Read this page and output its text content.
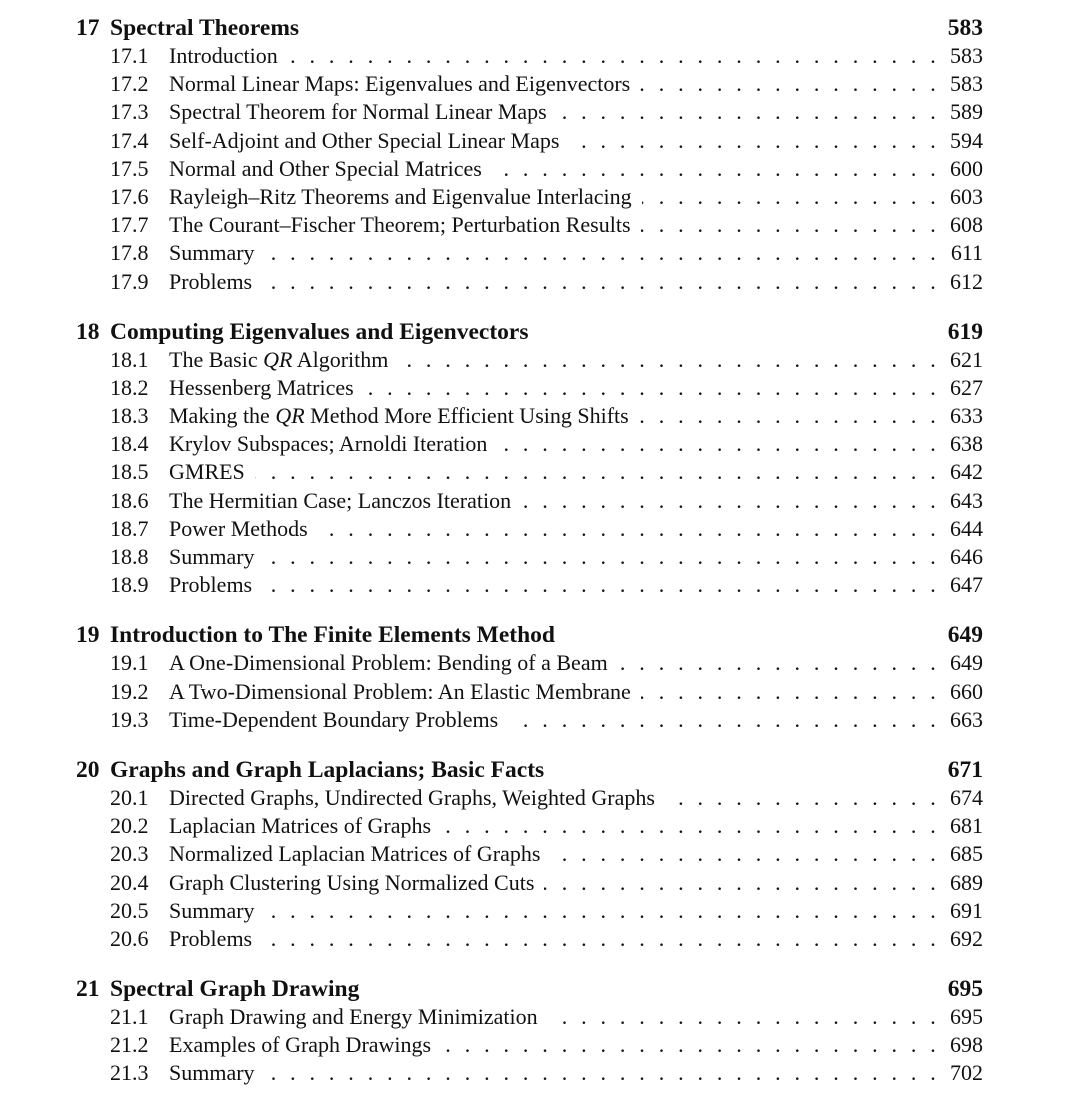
17 Spectral Theorems	583
17.1 Introduction . . .	583
17.2 Normal Linear Maps: Eigenvalues and Eigenvectors . . .	583
17.3 Spectral Theorem for Normal Linear Maps . . .	589
17.4 Self-Adjoint and Other Special Linear Maps . . .	594
17.5 Normal and Other Special Matrices . . .	600
17.6 Rayleigh–Ritz Theorems and Eigenvalue Interlacing . . .	603
17.7 The Courant–Fischer Theorem; Perturbation Results . . .	608
17.8 Summary . . .	611
17.9 Problems . . .	612
18 Computing Eigenvalues and Eigenvectors	619
18.1 The Basic QR Algorithm . . .	621
18.2 Hessenberg Matrices . . .	627
18.3 Making the QR Method More Efficient Using Shifts . . .	633
18.4 Krylov Subspaces; Arnoldi Iteration . . .	638
18.5 GMRES . . .	642
18.6 The Hermitian Case; Lanczos Iteration . . .	643
18.7 Power Methods . . .	644
18.8 Summary . . .	646
18.9 Problems . . .	647
19 Introduction to The Finite Elements Method	649
19.1 A One-Dimensional Problem: Bending of a Beam . . .	649
19.2 A Two-Dimensional Problem: An Elastic Membrane . . .	660
19.3 Time-Dependent Boundary Problems . . .	663
20 Graphs and Graph Laplacians; Basic Facts	671
20.1 Directed Graphs, Undirected Graphs, Weighted Graphs . . .	674
20.2 Laplacian Matrices of Graphs . . .	681
20.3 Normalized Laplacian Matrices of Graphs . . .	685
20.4 Graph Clustering Using Normalized Cuts . . .	689
20.5 Summary . . .	691
20.6 Problems . . .	692
21 Spectral Graph Drawing	695
21.1 Graph Drawing and Energy Minimization . . .	695
21.2 Examples of Graph Drawings . . .	698
21.3 Summary . . .	702
